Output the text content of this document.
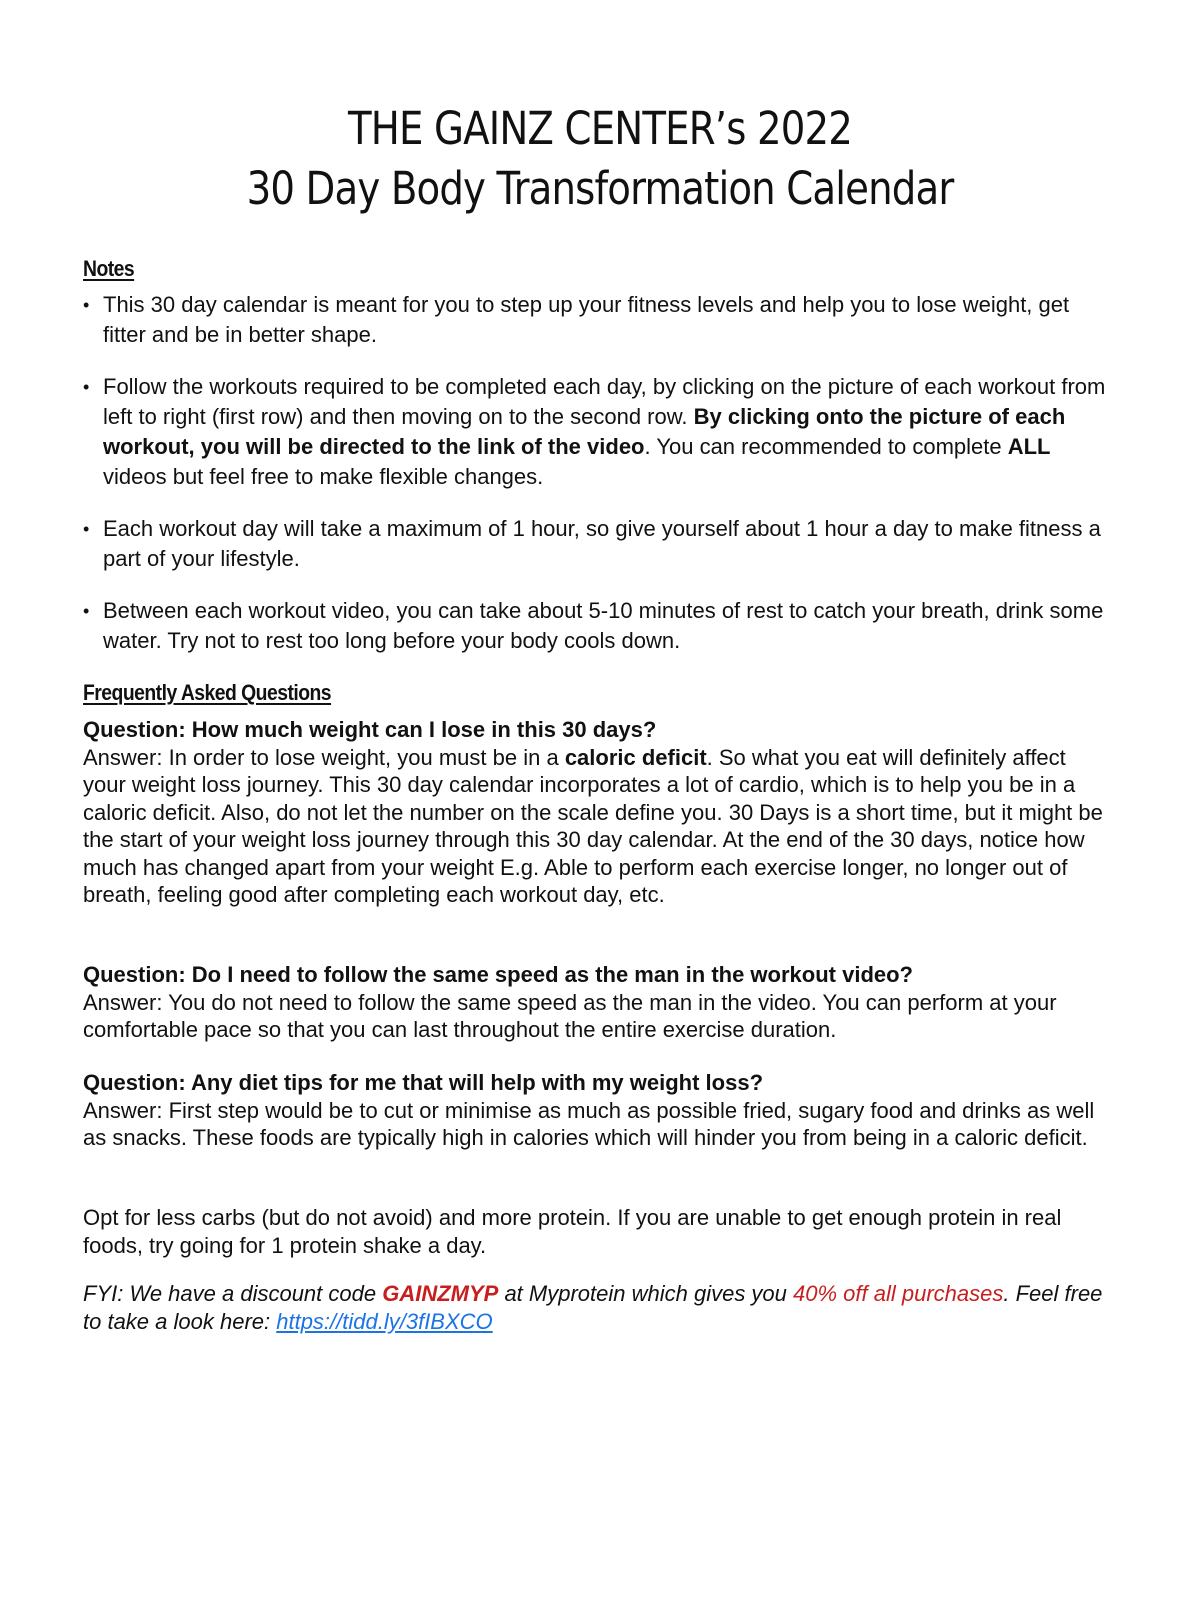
THE GAINZ CENTER’s 2022
30 Day Body Transformation Calendar
Notes
• This 30 day calendar is meant for you to step up your fitness levels and help you to lose weight, get fitter and be in better shape.
• Follow the workouts required to be completed each day, by clicking on the picture of each workout from left to right (first row) and then moving on to the second row. By clicking onto the picture of each workout, you will be directed to the link of the video. You can recommended to complete ALL videos but feel free to make flexible changes.
• Each workout day will take a maximum of 1 hour, so give yourself about 1 hour a day to make fitness a part of your lifestyle.
• Between each workout video, you can take about 5-10 minutes of rest to catch your breath, drink some water. Try not to rest too long before your body cools down.
Frequently Asked Questions

Question: How much weight can I lose in this 30 days?

Answer: In order to lose weight, you must be in a caloric deficit. So what you eat will definitely affect your weight loss journey. This 30 day calendar incorporates a lot of cardio, which is to help you be in a caloric deficit. Also, do not let the number on the scale define you. 30 Days is a short time, but it might be the start of your weight loss journey through this 30 day calendar. At the end of the 30 days, notice how much has changed apart from your weight E.g. Able to perform each exercise longer, no longer out of breath, feeling good after completing each workout day, etc.

Question: Do I need to follow the same speed as the man in the workout video?

Answer: You do not need to follow the same speed as the man in the video. You can perform at your comfortable pace so that you can last throughout the entire exercise duration.

Question: Any diet tips for me that will help with my weight loss?

Answer: First step would be to cut or minimise as much as possible fried, sugary food and drinks as well as snacks. These foods are typically high in calories which will hinder you from being in a caloric deficit.

Opt for less carbs (but do not avoid) and more protein. If you are unable to get enough protein in real foods, try going for 1 protein shake a day.

FYI: We have a discount code GAINZMYP at Myprotein which gives you 40% off all purchases. Feel free to take a look here: https://tidd.ly/3fIBXCO
